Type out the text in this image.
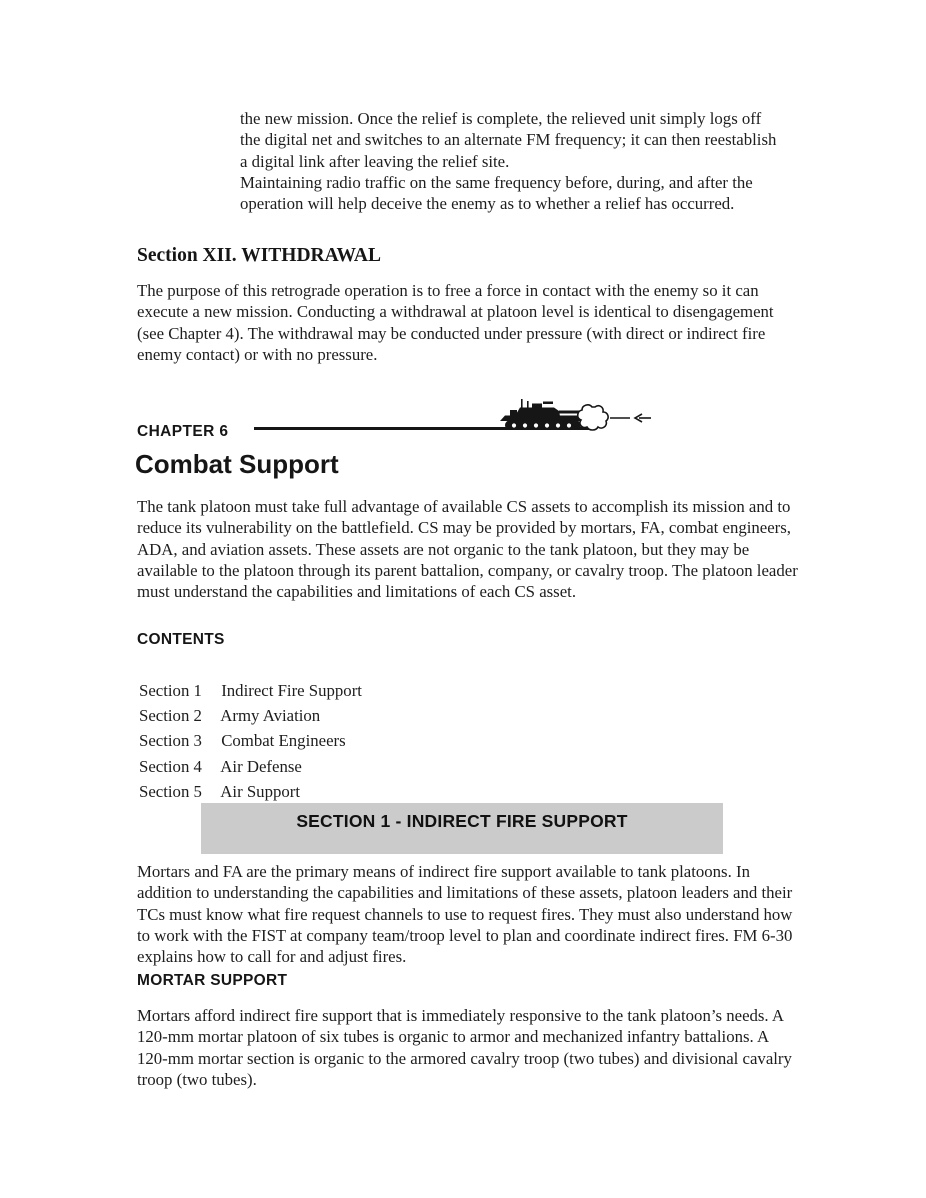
the new mission. Once the relief is complete, the relieved unit simply logs off the digital net and switches to an alternate FM frequency; it can then reestablish a digital link after leaving the relief site.

Maintaining radio traffic on the same frequency before, during, and after the operation will help deceive the enemy as to whether a relief has occurred.

Section XII. WITHDRAWAL

The purpose of this retrograde operation is to free a force in contact with the enemy so it can execute a new mission. Conducting a withdrawal at platoon level is identical to disengagement (see Chapter 4). The withdrawal may be conducted under pressure (with direct or indirect fire enemy contact) or with no pressure.

CHAPTER 6
Combat Support

The tank platoon must take full advantage of available CS assets to accomplish its mission and to reduce its vulnerability on the battlefield. CS may be provided by mortars, FA, combat engineers, ADA, and aviation assets. These assets are not organic to the tank platoon, but they may be available to the platoon through its parent battalion, company, or cavalry troop. The platoon leader must understand the capabilities and limitations of each CS asset.

CONTENTS
Section 1 Indirect Fire Support
Section 2 Army Aviation
Section 3 Combat Engineers
Section 4 Air Defense
Section 5 Air Support
SECTION 1 - INDIRECT FIRE SUPPORT

Mortars and FA are the primary means of indirect fire support available to tank platoons. In addition to understanding the capabilities and limitations of these assets, platoon leaders and their TCs must know what fire request channels to use to request fires. They must also understand how to work with the FIST at company team/troop level to plan and coordinate indirect fires. FM 6-30 explains how to call for and adjust fires.

MORTAR SUPPORT

Mortars afford indirect fire support that is immediately responsive to the tank platoon’s needs. A 120-mm mortar platoon of six tubes is organic to armor and mechanized infantry battalions. A 120-mm mortar section is organic to the armored cavalry troop (two tubes) and divisional cavalry troop (two tubes).
